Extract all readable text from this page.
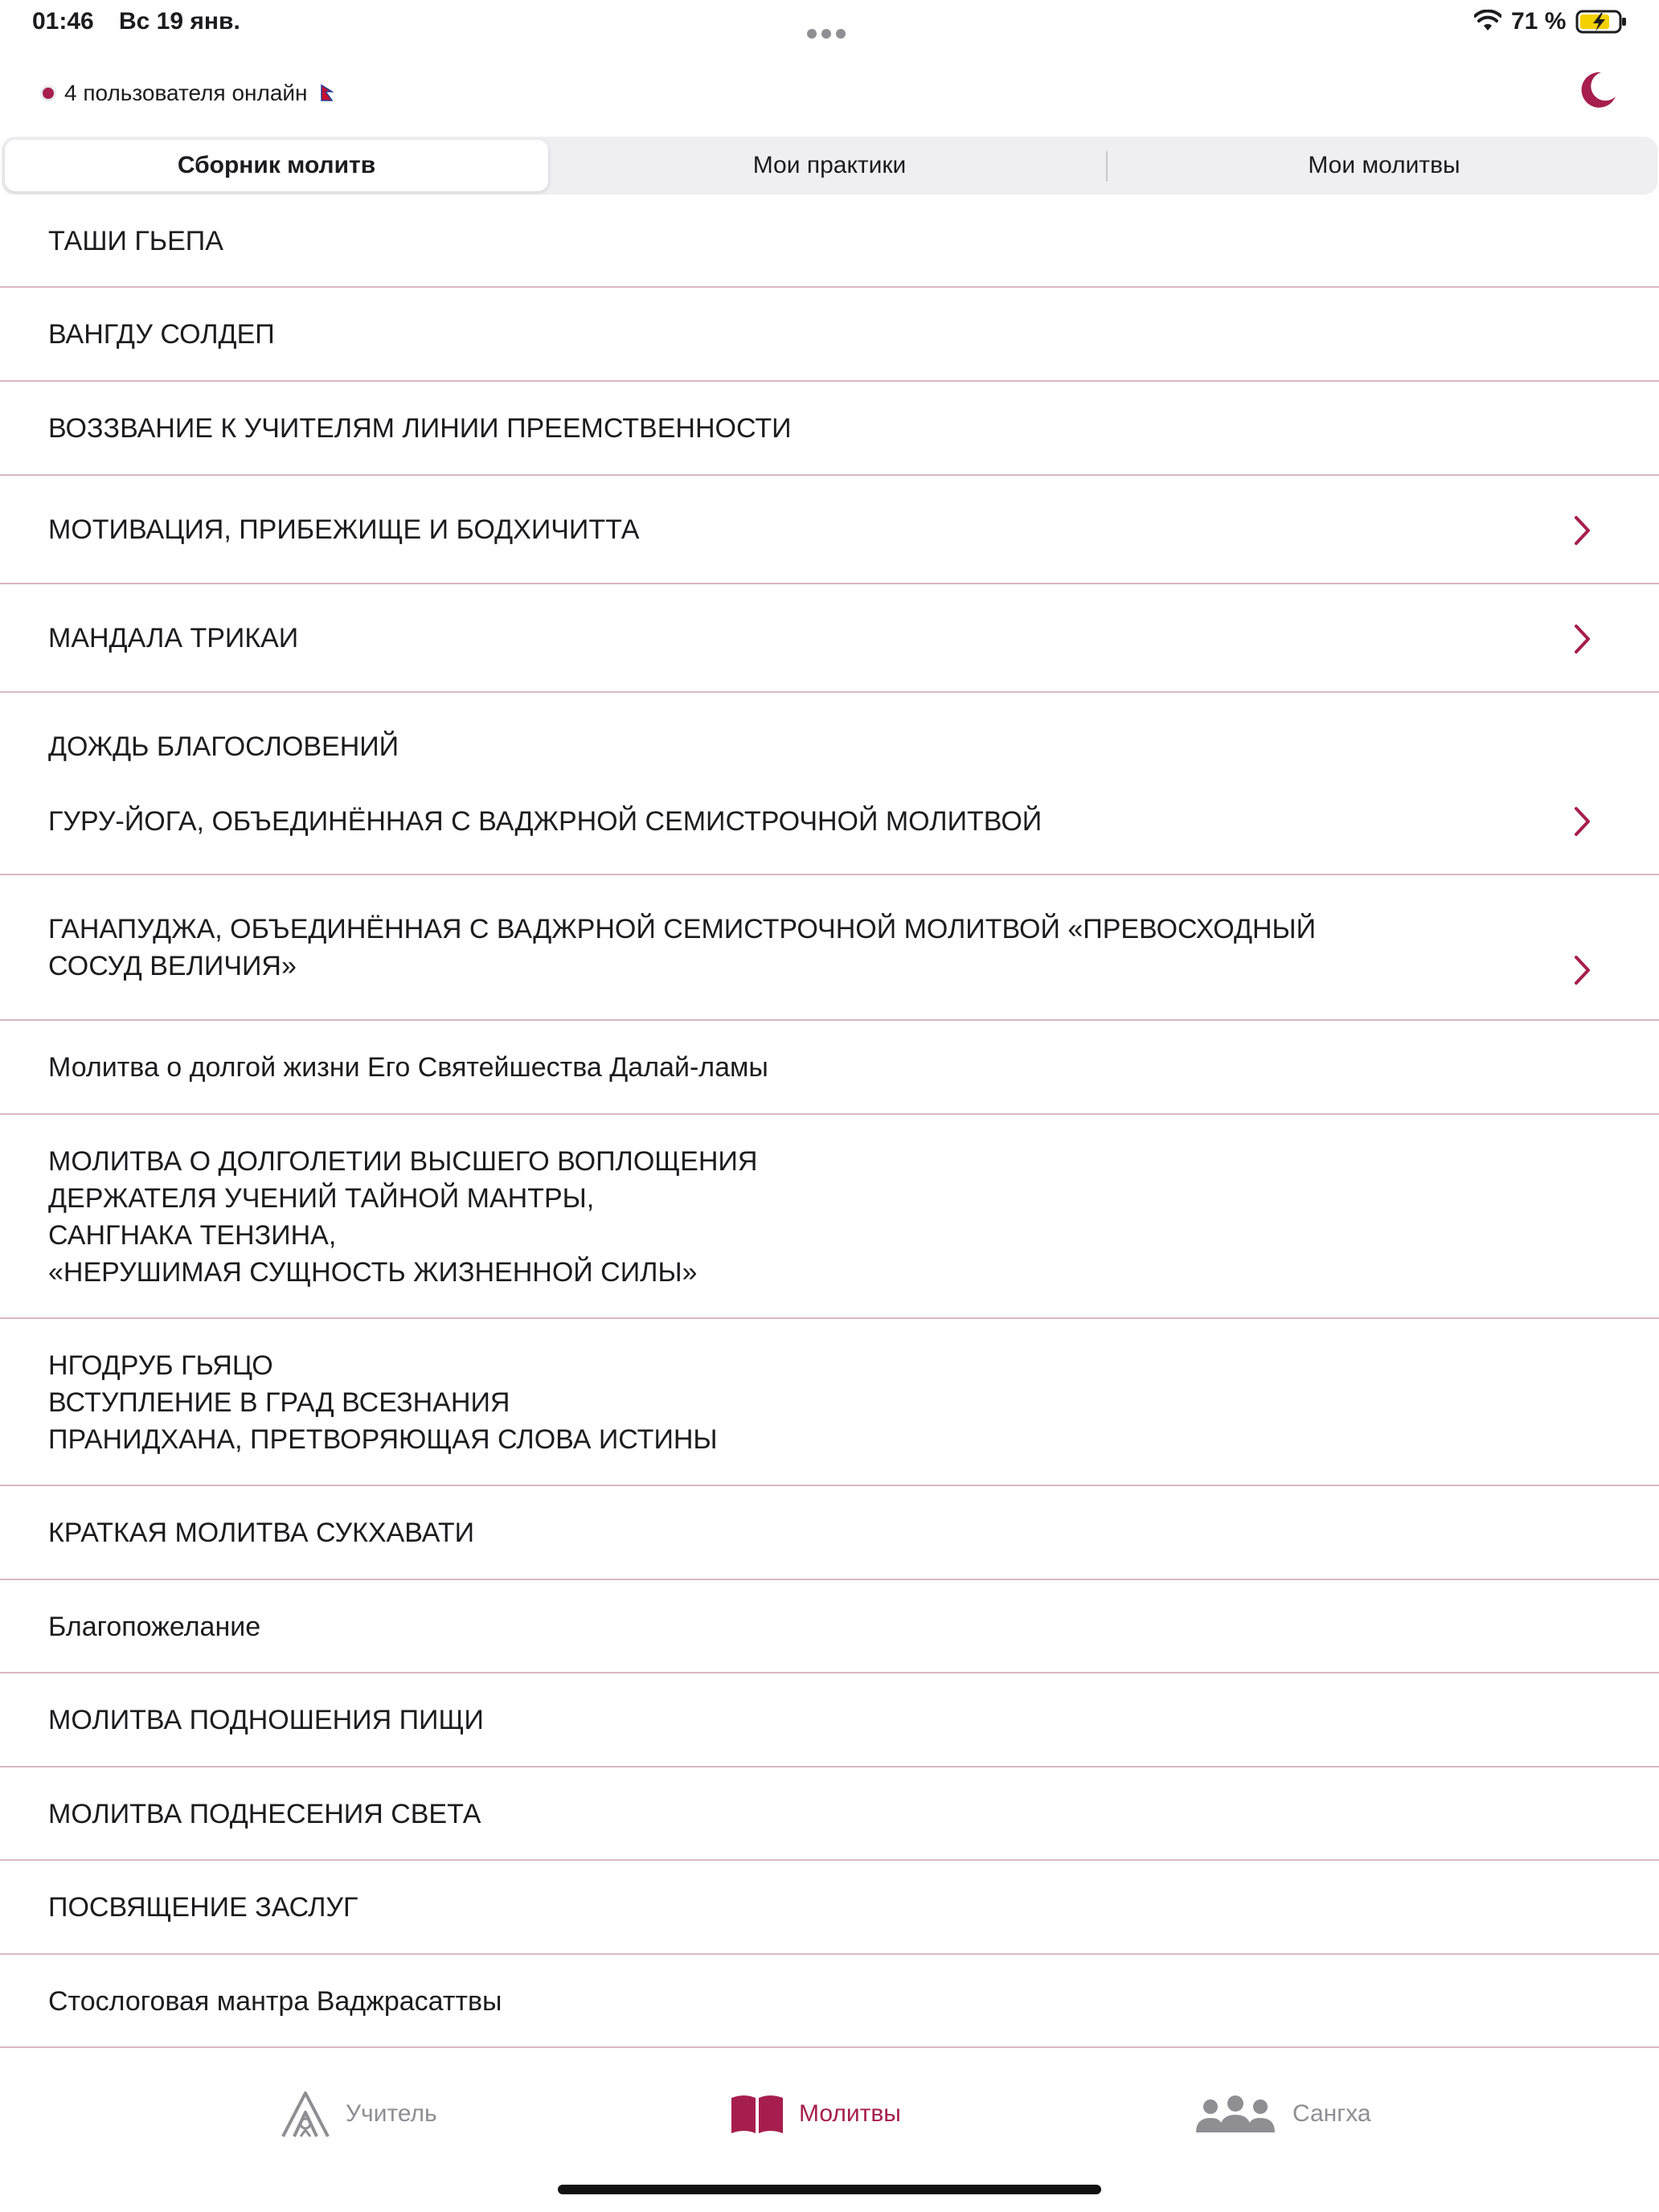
01:46 Вс 19 янв.	71 %
4 пользователя онлайн
Сборник молитв	Мои практики	Мои молитвы
ТАШИ ГЬЕПА
ВАНГДУ СОЛДЕП
ВОЗЗВАНИЕ К УЧИТЕЛЯМ ЛИНИИ ПРЕЕМСТВЕННОСТИ
МОТИВАЦИЯ, ПРИБЕЖИЩЕ И БОДХИЧИТТА
МАНДАЛА ТРИКАИ
ДОЖДЬ БЛАГОСЛОВЕНИЙ
ГУРУ-ЙОГА, ОБЪЕДИНЁННАЯ С ВАДЖРНОЙ СЕМИСТРОЧНОЙ МОЛИТВОЙ
ГАНАПУДЖА, ОБЪЕДИНЁННАЯ С ВАДЖРНОЙ СЕМИСТРОЧНОЙ МОЛИТВОЙ «ПРЕВОСХОДНЫЙ
СОСУД ВЕЛИЧИЯ»
Молитва о долгой жизни Его Святейшества Далай-ламы
МОЛИТВА О ДОЛГОЛЕТИИ ВЫСШЕГО ВОПЛОЩЕНИЯ
ДЕРЖАТЕЛЯ УЧЕНИЙ ТАЙНОЙ МАНТРЫ,
САНГНАКА ТЕНЗИНА,
«НЕРУШИМАЯ СУЩНОСТЬ ЖИЗНЕННОЙ СИЛЫ»
НГОДРУБ ГЬЯЦО
ВСТУПЛЕНИЕ В ГРАД ВСЕЗНАНИЯ
ПРАНИДХАНА, ПРЕТВОРЯЮЩАЯ СЛОВА ИСТИНЫ
КРАТКАЯ МОЛИТВА СУКХАВАТИ
Благопожелание
МОЛИТВА ПОДНОШЕНИЯ ПИЩИ
МОЛИТВА ПОДНЕСЕНИЯ СВЕТА
ПОСВЯЩЕНИЕ ЗАСЛУГ
Стослоговая мантра Ваджрасаттвы
Учитель	Молитвы	Сангха
